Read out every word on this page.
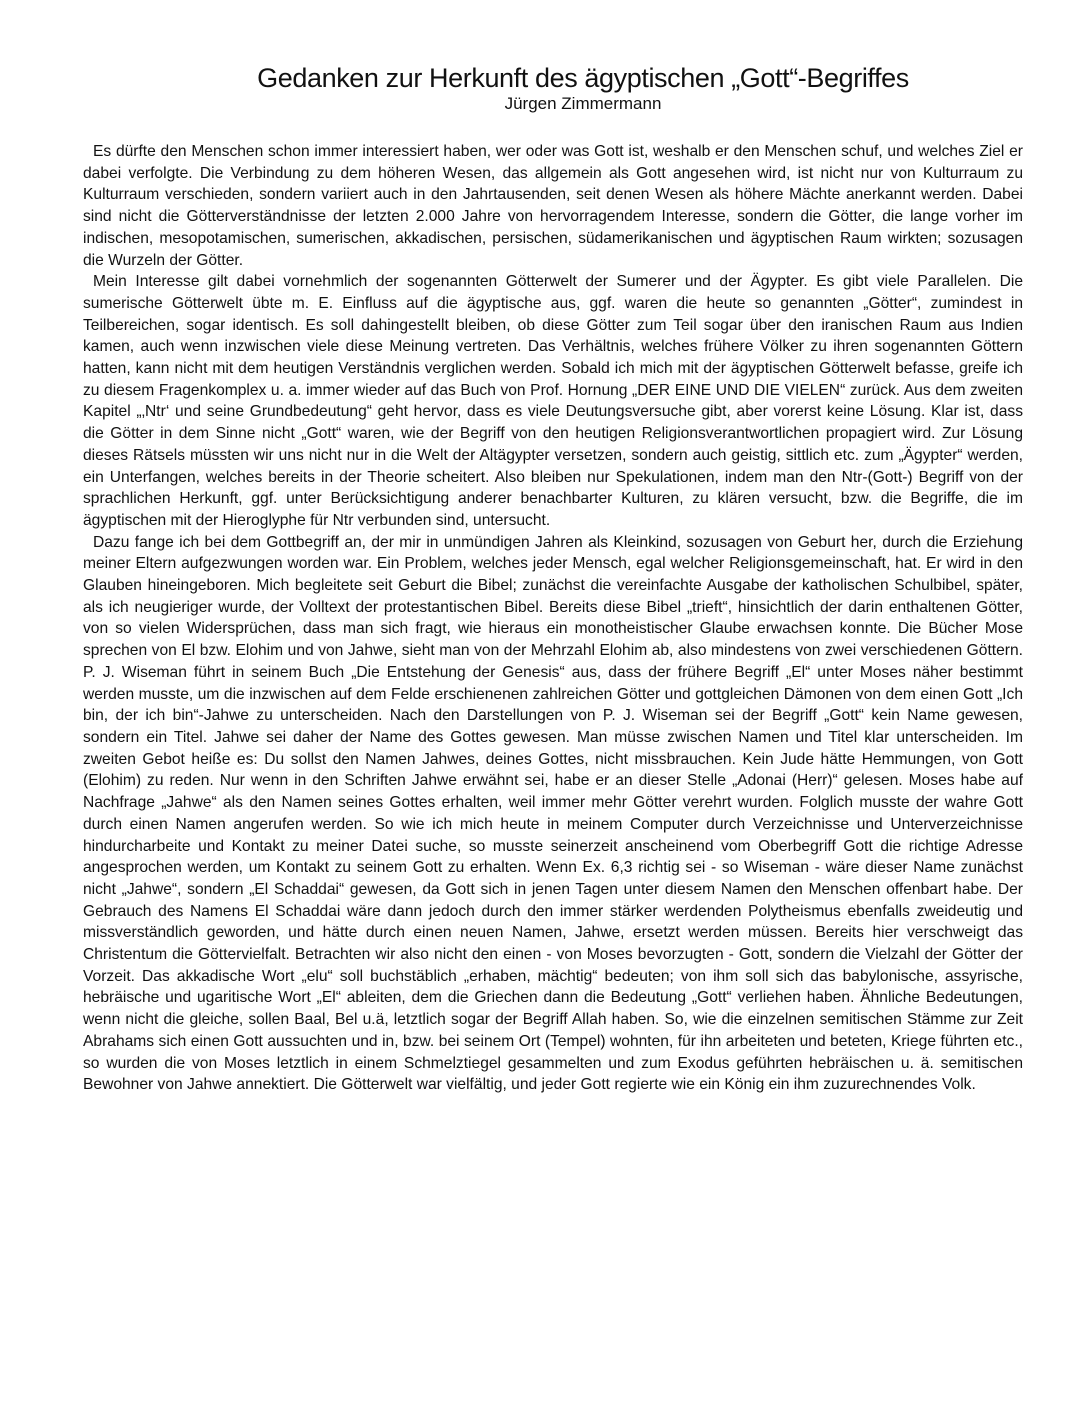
Gedanken zur Herkunft des ägyptischen „Gott“-Begriffes
Jürgen Zimmermann

Es dürfte den Menschen schon immer interessiert haben, wer oder was Gott ist, weshalb er den Menschen schuf, und welches Ziel er dabei verfolgte. Die Verbindung zu dem höheren Wesen, das allgemein als Gott angesehen wird, ist nicht nur von Kulturraum zu Kulturraum verschieden, sondern variiert auch in den Jahrtausenden, seit denen Wesen als höhere Mächte anerkannt werden. Dabei sind nicht die Götterverständnisse der letzten 2.000 Jahre von hervorragendem Interesse, sondern die Götter, die lange vorher im indischen, mesopotamischen, sumerischen, akkadischen, persischen, südamerikanischen und ägyptischen Raum wirkten; sozusagen die Wurzeln der Götter.

Mein Interesse gilt dabei vornehmlich der sogenannten Götterwelt der Sumerer und der Ägypter. Es gibt viele Parallelen. Die sumerische Götterwelt übte m. E. Einfluss auf die ägyptische aus, ggf. waren die heute so genannten „Götter“, zumindest in Teilbereichen, sogar identisch. Es soll dahingestellt bleiben, ob diese Götter zum Teil sogar über den iranischen Raum aus Indien kamen, auch wenn inzwischen viele diese Meinung vertreten. Das Verhältnis, welches frühere Völker zu ihren sogenannten Göttern hatten, kann nicht mit dem heutigen Verständnis verglichen werden. Sobald ich mich mit der ägyptischen Götterwelt befasse, greife ich zu diesem Fragenkomplex u. a. immer wieder auf das Buch von Prof. Hornung „DER EINE UND DIE VIELEN“ zurück. Aus dem zweiten Kapitel „‚Ntr‘ und seine Grundbedeutung“ geht hervor, dass es viele Deutungsversuche gibt, aber vorerst keine Lösung. Klar ist, dass die Götter in dem Sinne nicht „Gott“ waren, wie der Begriff von den heutigen Religionsverantwortlichen propagiert wird. Zur Lösung dieses Rätsels müssten wir uns nicht nur in die Welt der Altägypter versetzen, sondern auch geistig, sittlich etc. zum „Ägypter“ werden, ein Unterfangen, welches bereits in der Theorie scheitert. Also bleiben nur Spekulationen, indem man den Ntr-(Gott-) Begriff von der sprachlichen Herkunft, ggf. unter Berücksichtigung anderer benachbarter Kulturen, zu klären versucht, bzw. die Begriffe, die im ägyptischen mit der Hieroglyphe für Ntr verbunden sind, untersucht.

Dazu fange ich bei dem Gottbegriff an, der mir in unmündigen Jahren als Kleinkind, sozusagen von Geburt her, durch die Erziehung meiner Eltern aufgezwungen worden war. Ein Problem, welches jeder Mensch, egal welcher Religionsgemeinschaft, hat. Er wird in den Glauben hineingeboren. Mich begleitete seit Geburt die Bibel; zunächst die vereinfachte Ausgabe der katholischen Schulbibel, später, als ich neugieriger wurde, der Volltext der protestantischen Bibel. Bereits diese Bibel „trieft“, hinsichtlich der darin enthaltenen Götter, von so vielen Widersprüchen, dass man sich fragt, wie hieraus ein monotheistischer Glaube erwachsen konnte. Die Bücher Mose sprechen von El bzw. Elohim und von Jahwe, sieht man von der Mehrzahl Elohim ab, also mindestens von zwei verschiedenen Göttern. P. J. Wiseman führt in seinem Buch „Die Entstehung der Genesis“ aus, dass der frühere Begriff „El“ unter Moses näher bestimmt werden musste, um die inzwischen auf dem Felde erschienenen zahlreichen Götter und gottgleichen Dämonen von dem einen Gott „Ich bin, der ich bin“-Jahwe zu unterscheiden. Nach den Darstellungen von P. J. Wiseman sei der Begriff „Gott“ kein Name gewesen, sondern ein Titel. Jahwe sei daher der Name des Gottes gewesen. Man müsse zwischen Namen und Titel klar unterscheiden. Im zweiten Gebot heiße es: Du sollst den Namen Jahwes, deines Gottes, nicht missbrauchen. Kein Jude hätte Hemmungen, von Gott (Elohim) zu reden. Nur wenn in den Schriften Jahwe erwähnt sei, habe er an dieser Stelle „Adonai (Herr)“ gelesen. Moses habe auf Nachfrage „Jahwe“ als den Namen seines Gottes erhalten, weil immer mehr Götter verehrt wurden. Folglich musste der wahre Gott durch einen Namen angerufen werden. So wie ich mich heute in meinem Computer durch Verzeichnisse und Unterverzeichnisse hindurcharbeite und Kontakt zu meiner Datei suche, so musste seinerzeit anscheinend vom Oberbegriff Gott die richtige Adresse angesprochen werden, um Kontakt zu seinem Gott zu erhalten. Wenn Ex. 6,3 richtig sei - so Wiseman - wäre dieser Name zunächst nicht „Jahwe“, sondern „El Schaddai“ gewesen, da Gott sich in jenen Tagen unter diesem Namen den Menschen offenbart habe. Der Gebrauch des Namens El Schaddai wäre dann jedoch durch den immer stärker werdenden Polytheismus ebenfalls zweideutig und missverständlich geworden, und hätte durch einen neuen Namen, Jahwe, ersetzt werden müssen. Bereits hier verschweigt das Christentum die Göttervielfalt. Betrachten wir also nicht den einen - von Moses bevorzugten - Gott, sondern die Vielzahl der Götter der Vorzeit. Das akkadische Wort „elu“ soll buchstäblich „erhaben, mächtig“ bedeuten; von ihm soll sich das babylonische, assyrische, hebräische und ugaritische Wort „El“ ableiten, dem die Griechen dann die Bedeutung „Gott“ verliehen haben. Ähnliche Bedeutungen, wenn nicht die gleiche, sollen Baal, Bel u.ä, letztlich sogar der Begriff Allah haben. So, wie die einzelnen semitischen Stämme zur Zeit Abrahams sich einen Gott aussuchten und in, bzw. bei seinem Ort (Tempel) wohnten, für ihn arbeiteten und beteten, Kriege führten etc., so wurden die von Moses letztlich in einem Schmelztiegel gesammelten und zum Exodus geführten hebräischen u. ä. semitischen Bewohner von Jahwe annektiert. Die Götterwelt war vielfältig, und jeder Gott regierte wie ein König ein ihm zuzurechnendes Volk.
